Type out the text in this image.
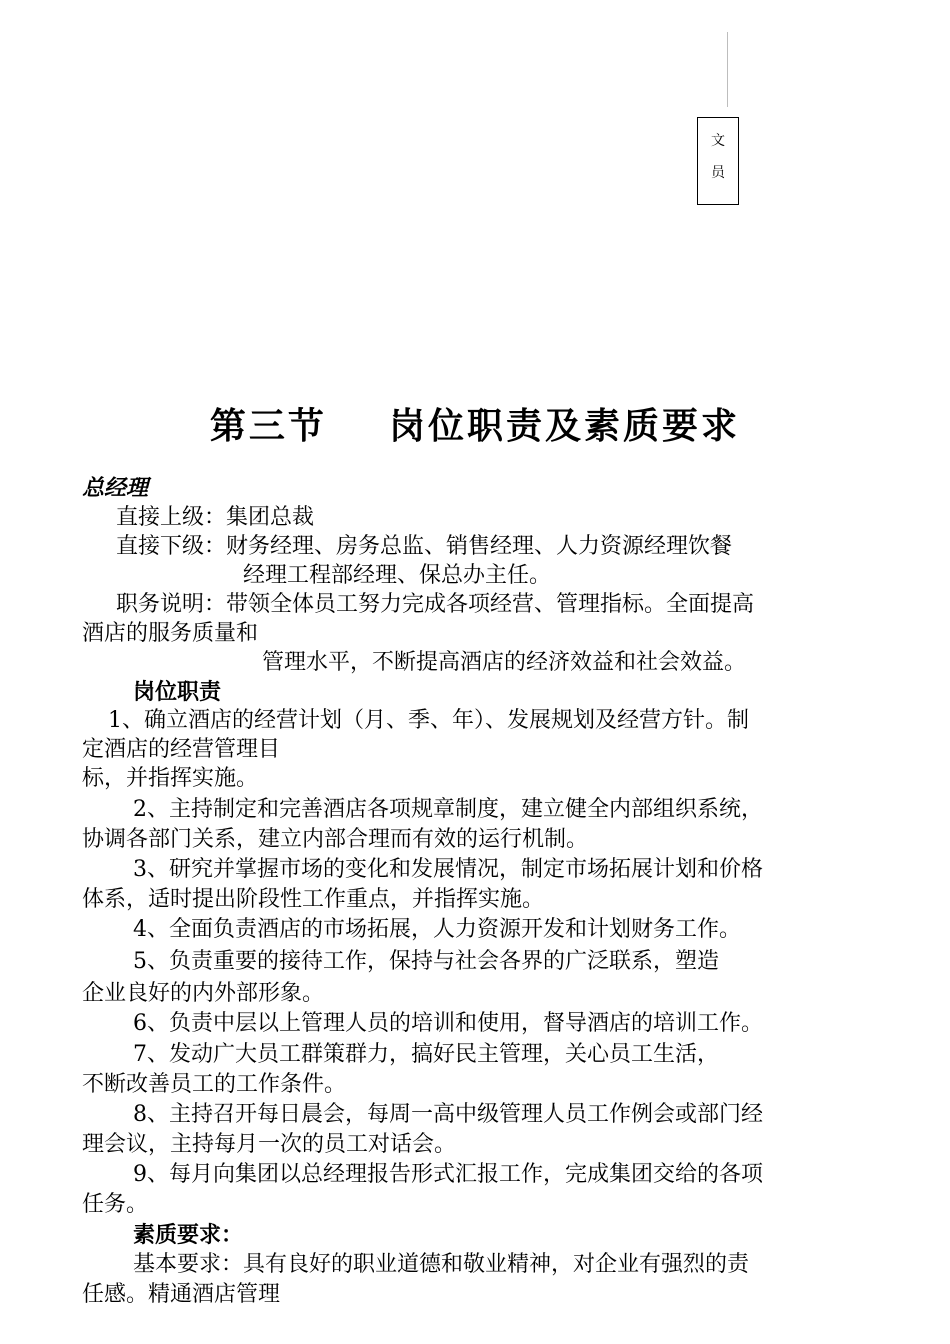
文
员
第三节    岗位职责及素质要求
总经理
直接上级：集团总裁
直接下级：财务经理、房务总监、销售经理、人力资源经理饮餐
经理工程部经理、保总办主任。
职务说明：带领全体员工努力完成各项经营、管理指标。全面提高
酒店的服务质量和
管理水平，不断提高酒店的经济效益和社会效益。
岗位职责
1、确立酒店的经营计划（月、季、年）、发展规划及经营方针。制
定酒店的经营管理目
标，并指挥实施。
2、主持制定和完善酒店各项规章制度，建立健全内部组织系统，
协调各部门关系，建立内部合理而有效的运行机制。
3、研究并掌握市场的变化和发展情况，制定市场拓展计划和价格
体系，适时提出阶段性工作重点，并指挥实施。
4、全面负责酒店的市场拓展，人力资源开发和计划财务工作。
5、负责重要的接待工作，保持与社会各界的广泛联系，塑造
企业良好的内外部形象。
6、负责中层以上管理人员的培训和使用，督导酒店的培训工作。
7、发动广大员工群策群力，搞好民主管理，关心员工生活，
不断改善员工的工作条件。
8、主持召开每日晨会，每周一高中级管理人员工作例会或部门经
理会议，主持每月一次的员工对话会。
9、每月向集团以总经理报告形式汇报工作，完成集团交给的各项
任务。
素质要求：
基本要求：具有良好的职业道德和敬业精神，对企业有强烈的责
任感。精通酒店管理
